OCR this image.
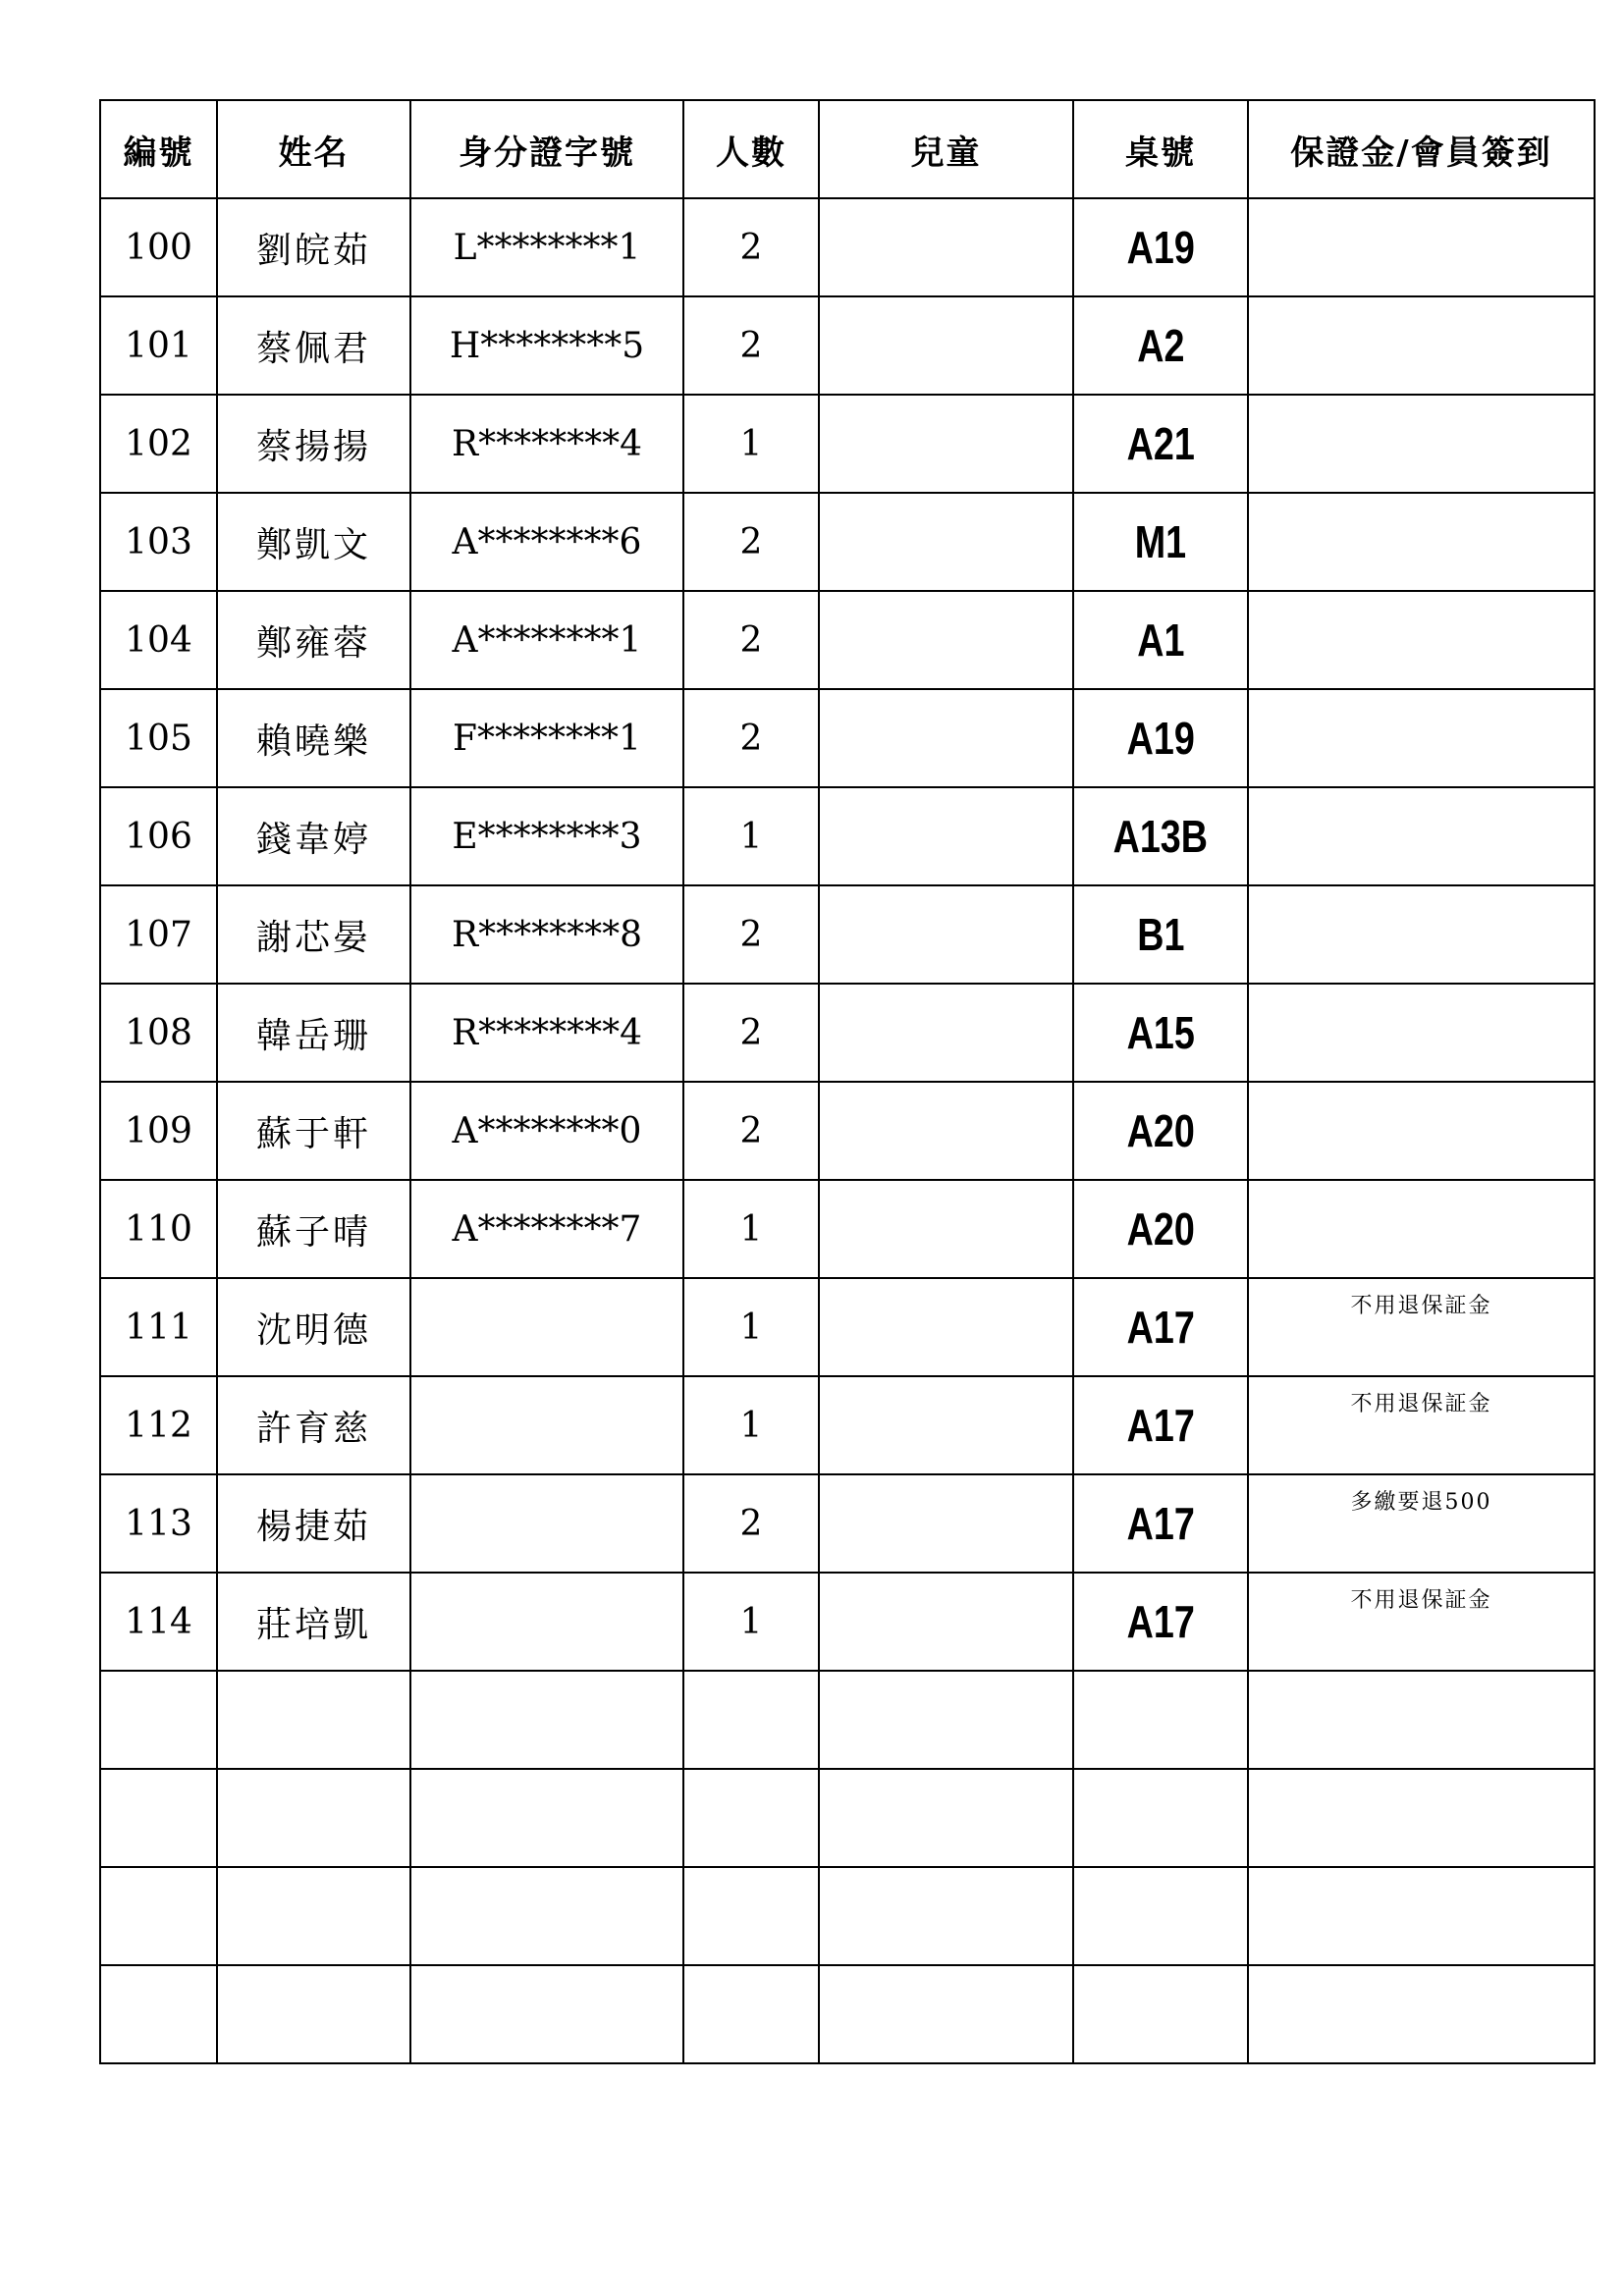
編號	姓名	身分證字號	人數	兒童	桌號	保證金/會員簽到
100	劉皖茹	L********1	2		A19	

101	蔡佩君	H********5	2		A2	

102	蔡揚揚	R********4	1		A21	

103	鄭凱文	A********6	2		M1	

104	鄭雍蓉	A********1	2		A1	

105	賴曉樂	F********1	2		A19	

106	錢韋婷	E********3	1		A13B	

107	謝芯晏	R********8	2		B1	

108	韓岳珊	R********4	2		A15	

109	蘇于軒	A********0	2		A20	

110	蘇子晴	A********7	1		A20	

111	沈明德		1		A17	不用退保証金

112	許育慈		1		A17	不用退保証金

113	楊捷茹		2		A17	多繳要退500

114	莊培凱		1		A17	不用退保証金
